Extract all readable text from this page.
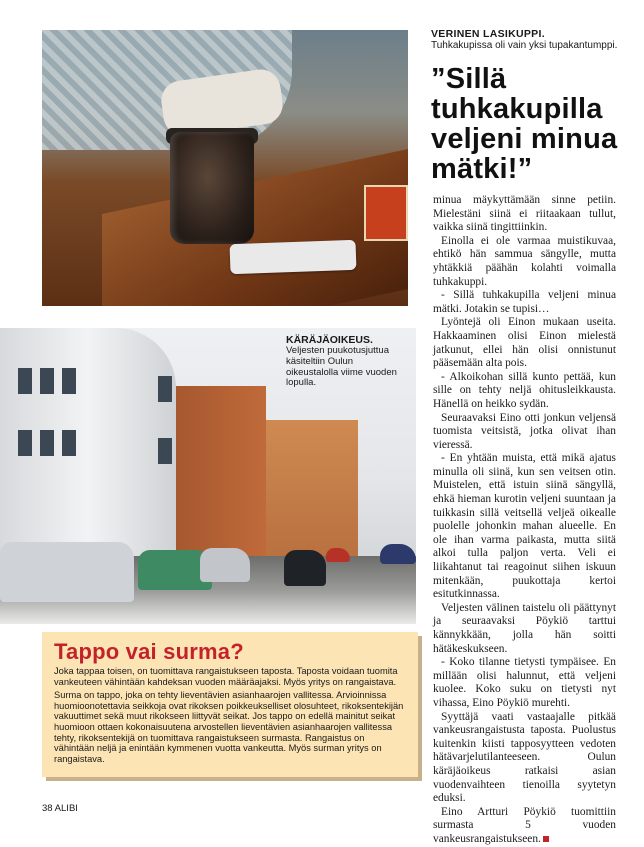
VERINEN LASIKUPPI.
Tuhkakupissa oli vain yksi tupakantumppi.
”Sillä tuhkakupilla veljeni minua mätki!”

minua mäykyttämään sinne petiin. Mielestäni siinä ei riitaakaan tullut, vaikka siinä tingittiinkin.

Einolla ei ole varmaa muistikuvaa, ehtikö hän sammua sängylle, mutta yhtäkkiä päähän kolahti voimalla tuhkakuppi.

- Sillä tuhkakupilla veljeni minua mätki. Jotakin se tupisi…

Lyöntejä oli Einon mukaan useita. Hakkaaminen olisi Einon mielestä jatkunut, ellei hän olisi onnistunut pääsemään alta pois.

- Alkoikohan sillä kunto pettää, kun sille on tehty neljä ohitusleikkausta. Hänellä on heikko sydän.

Seuraavaksi Eino otti jonkun veljensä tuomista veitsistä, jotka olivat ihan vieressä.

- En yhtään muista, että mikä ajatus minulla oli siinä, kun sen veitsen otin. Muistelen, että istuin siinä sängyllä, ehkä hieman kurotin veljeni suuntaan ja tuikkasin sillä veitsellä veljeä oikealle puolelle johonkin mahan alueelle. En ole ihan varma paikasta, mutta siitä alkoi tulla paljon verta. Veli ei liikahtanut tai reagoinut siihen iskuun mitenkään, puukottaja kertoi esitutkinnassa.

Veljesten välinen taistelu oli päättynyt ja seuraavaksi Pöykiö tarttui kännykkään, jolla hän soitti hätäkeskukseen.

- Koko tilanne tietysti tympäisee. En millään olisi halunnut, että veljeni kuolee. Koko suku on tietysti nyt vihassa, Eino Pöykiö murehti.

Syyttäjä vaati vastaajalle pitkää vankeusrangaistusta taposta. Puolustus kuitenkin kiisti tapposyytteen vedoten hätävarjelutilanteeseen. Oulun käräjäoikeus ratkaisi asian vuodenvaihteen tienoilla syytetyn eduksi.

Eino Artturi Pöykiö tuomittiin surmasta 5 vuoden vankeusrangaistukseen.

KÄRÄJÄOIKEUS.
Veljesten puukotusjuttua käsiteltiin Oulun oikeustalolla viime vuoden lopulla.
Tappo vai surma?

Joka tappaa toisen, on tuomittava rangaistukseen taposta. Taposta voidaan tuomita vankeuteen vähintään kahdeksan vuoden määräajaksi. Myös yritys on rangaistava.

Surma on tappo, joka on tehty lieventävien asianhaarojen vallitessa. Arvioinnissa huomioonotettavia seikkoja ovat rikoksen poikkeukselliset olosuhteet, rikoksentekijän vakuuttimet sekä muut rikokseen liittyvät seikat. Jos tappo on edellä mainitut seikat huomioon ottaen kokonaisuutena arvostellen lieventävien asianhaarojen vallitessa tehty, rikoksentekijä on tuomittava rangaistukseen surmasta. Rangaistus on vähintään neljä ja enintään kymmenen vuotta vankeutta. Myös surman yritys on rangaistava.

38 ALIBI
